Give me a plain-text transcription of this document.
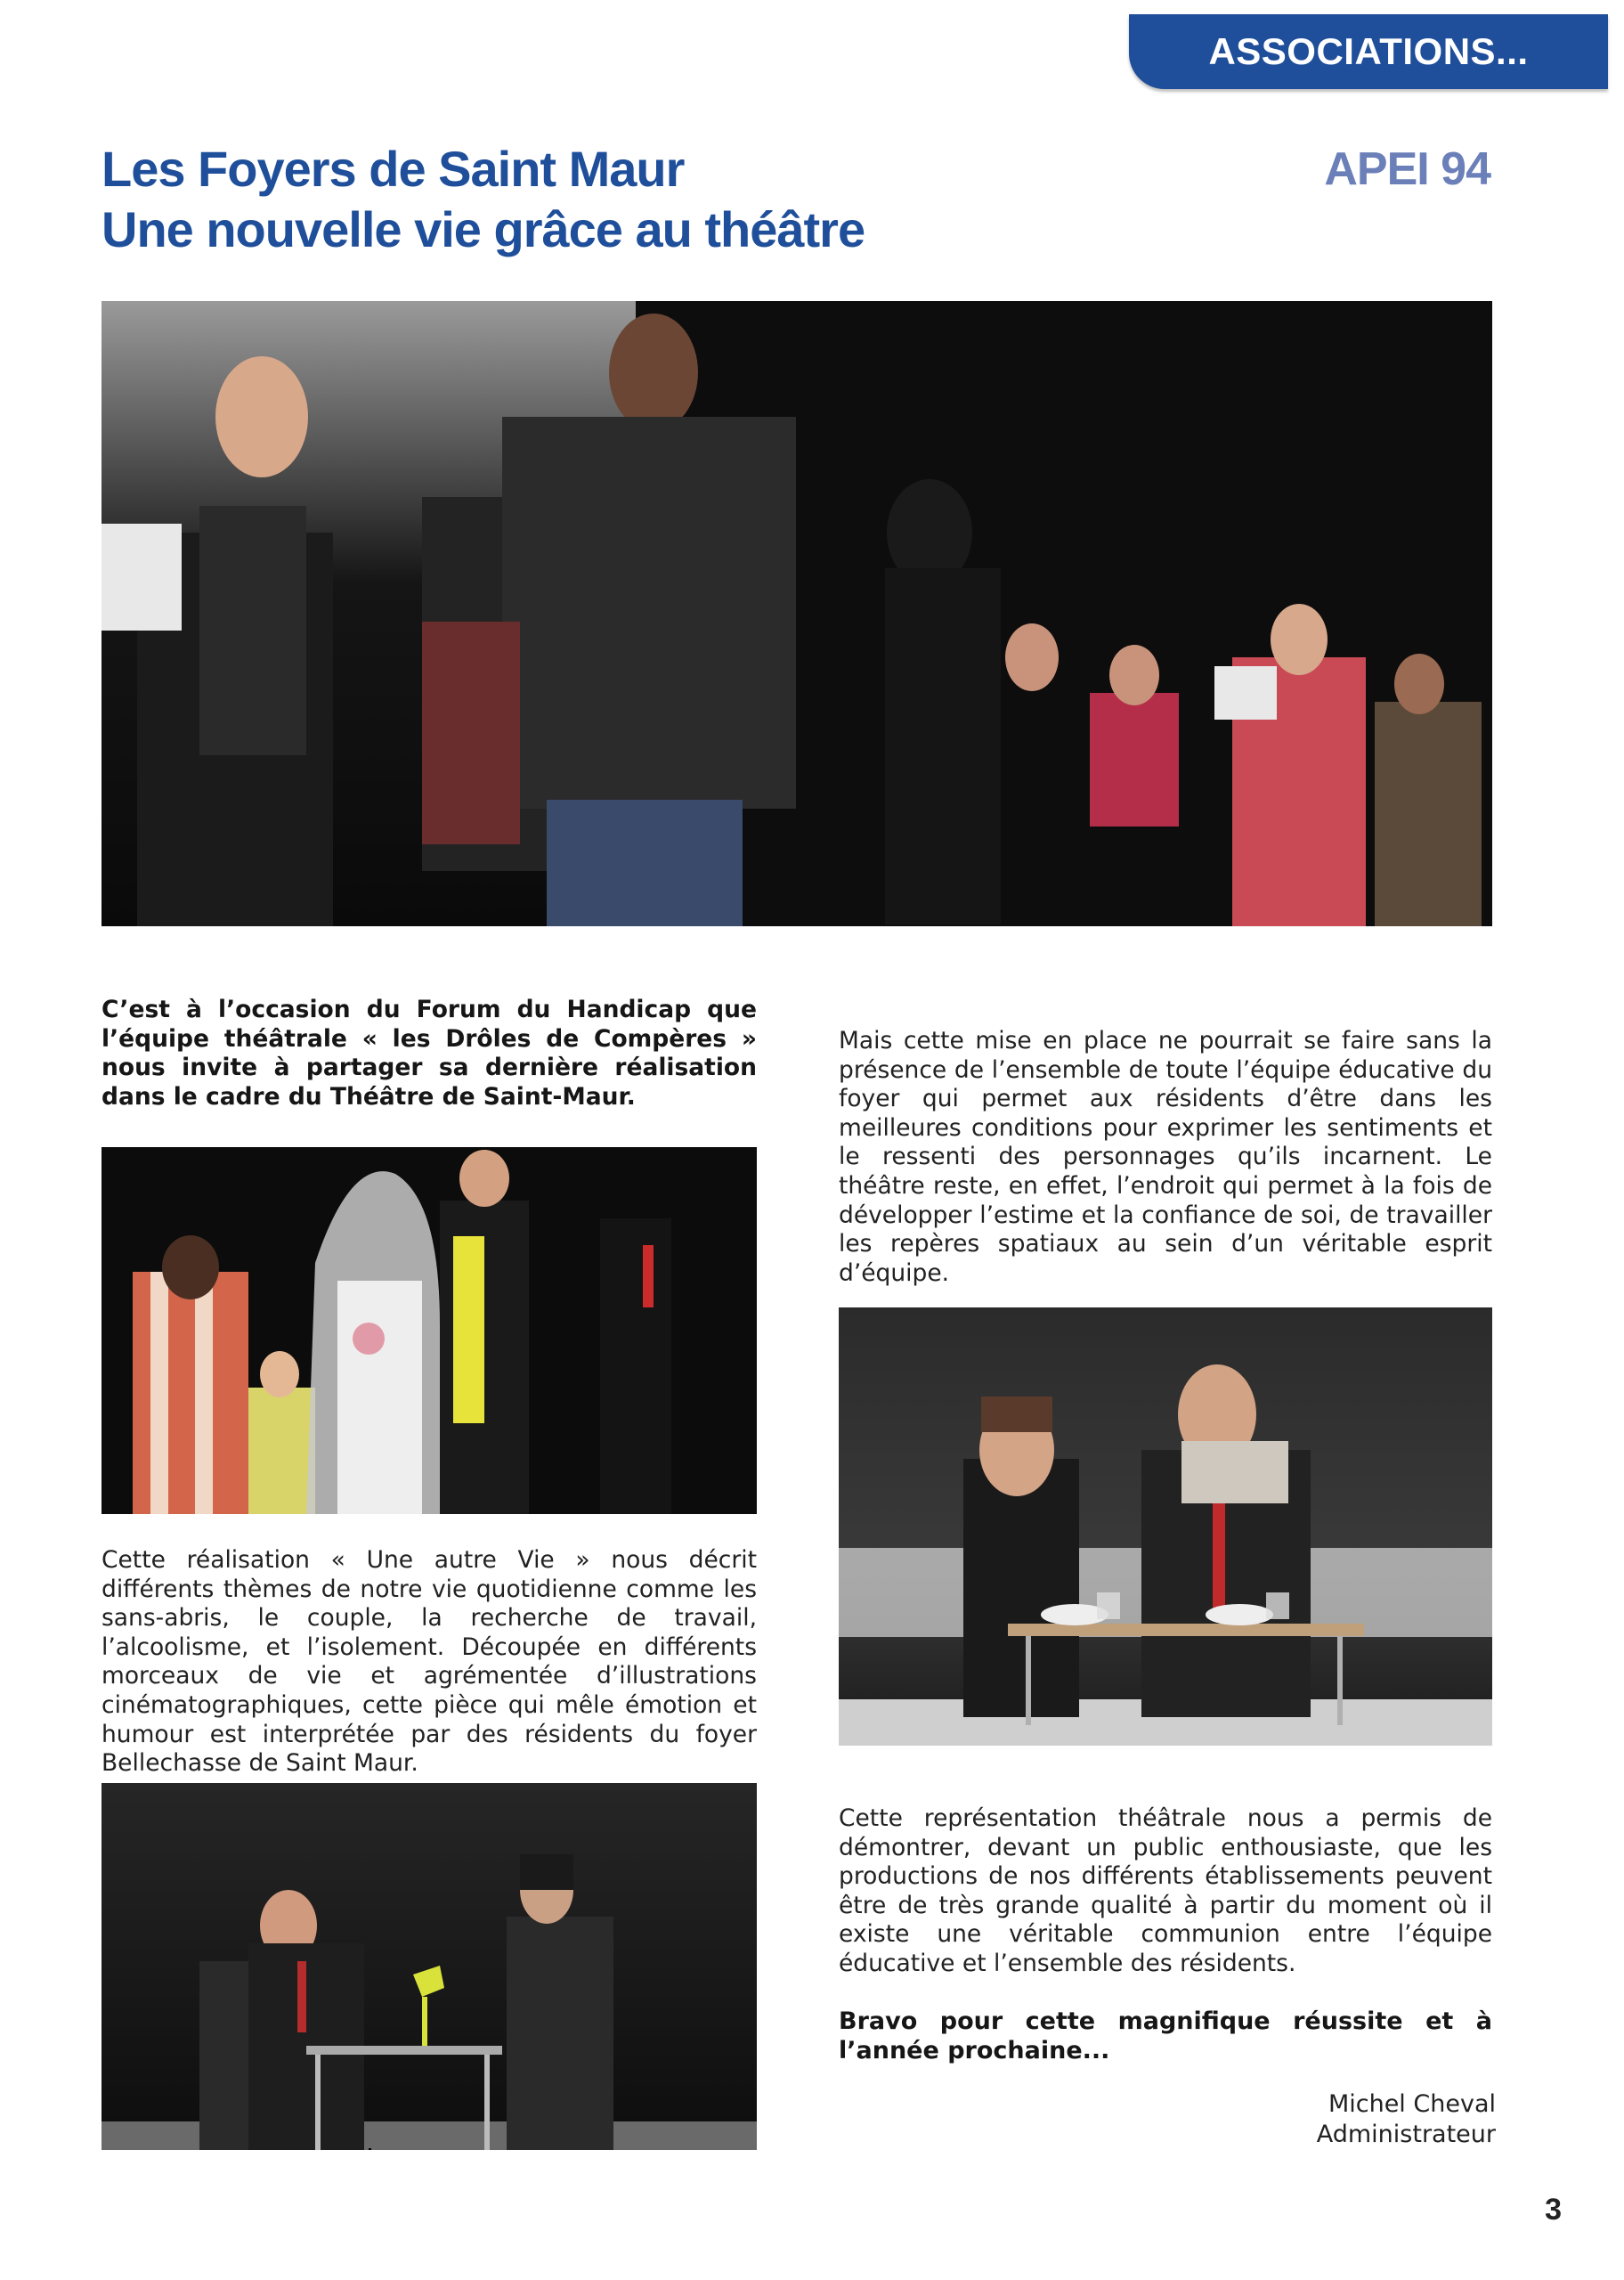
ASSOCIATIONS...
Les Foyers de Saint Maur
Une nouvelle vie grâce au théâtre
APEI 94

C’est à l’occasion du Forum du Handicap que l’équipe théâtrale « les Drôles de Compères » nous invite à partager sa dernière réalisation dans le cadre du Théâtre de Saint-Maur.

Cette réalisation « Une autre Vie » nous décrit différents thèmes de notre vie quotidienne comme les sans-abris, le couple, la recherche de travail, l’alcoolisme, et l’isolement. Découpée en différents morceaux de vie et agrémentée d’illustrations cinématographiques, cette pièce qui mêle émotion et humour est interprétée par des résidents du foyer Bellechasse de Saint Maur.

Mais cette mise en place ne pourrait se faire sans la présence de l’ensemble de toute l’équipe éducative du foyer qui permet aux résidents d’être dans les meilleures conditions pour exprimer les sentiments et le ressenti des personnages qu’ils incarnent. Le théâtre reste, en effet, l’endroit qui permet à la fois de développer l’estime et la confiance de soi, de travailler les repères spatiaux au sein d’un véritable esprit d’équipe.

Cette représentation théâtrale nous a permis de démontrer, devant un public enthousiaste, que les productions de nos différents établissements peuvent être de très grande qualité à partir du moment où il existe une véritable communion entre l’équipe éducative et l’ensemble des résidents.

Bravo pour cette magnifique réussite et à l’année prochaine...

Michel Cheval
Administrateur
3
